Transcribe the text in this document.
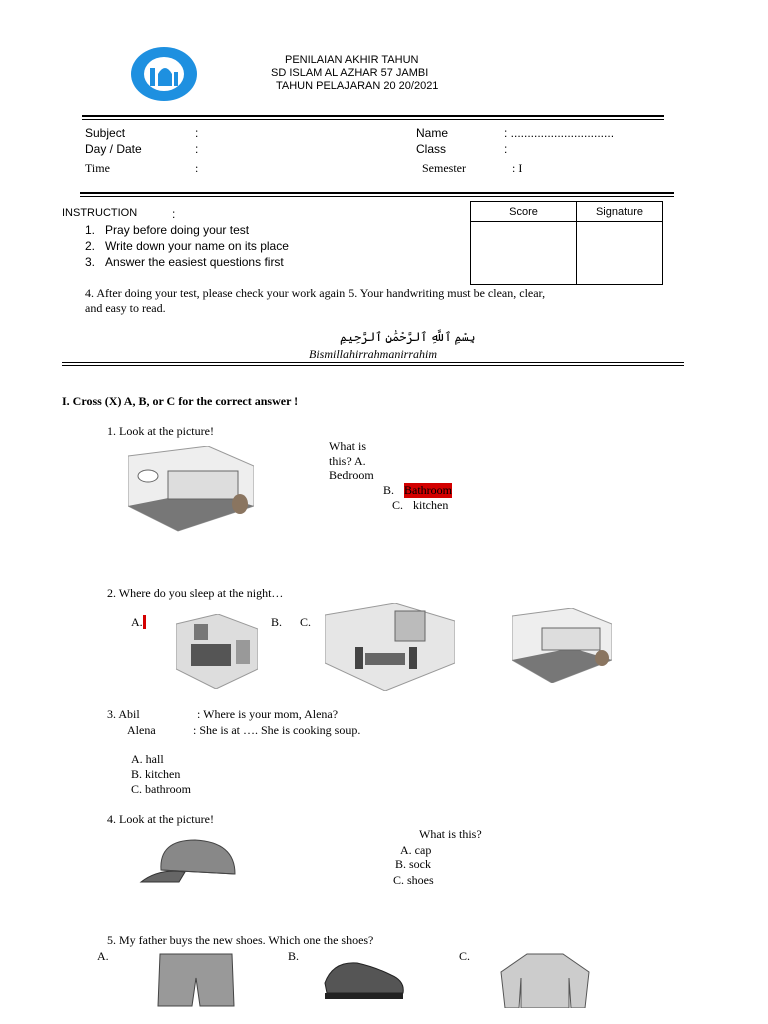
PENILAIAN AKHIR TAHUN
SD ISLAM AL AZHAR 57 JAMBI
TAHUN PELAJARAN 20 20/2021
Subject	:
Day / Date	:
Time	:
Name	: ...............................
Class	:
Semester	: I
INSTRUCTION	:
1.   Pray before doing your test
2.   Write down your name on its place
3.   Answer the easiest questions first
Score	Signature
4. After doing your test, please check your work again 5. Your handwriting must be clean, clear,
and easy to read.
بِسْمِ ٱللَّهِ ٱلرَّحْمَٰنِ ٱلرَّحِيمِ
Bismillahirrahmanirrahim
I. Cross (X) A, B, or C for the correct answer !
1. Look at the picture!
What is
this? A.
Bedroom
B. Bathroom
C. kitchen
2. Where do you sleep at the night…
A.	B. C.
3. Abil	: Where is your mom, Alena?
Alena	: She is at …. She is cooking soup.
A. hall
B. kitchen
C. bathroom
4. Look at the picture!
What is this?
A. cap
B. sock
C. shoes
5. My father buys the new shoes. Which one the shoes?
A.	B.	C.
